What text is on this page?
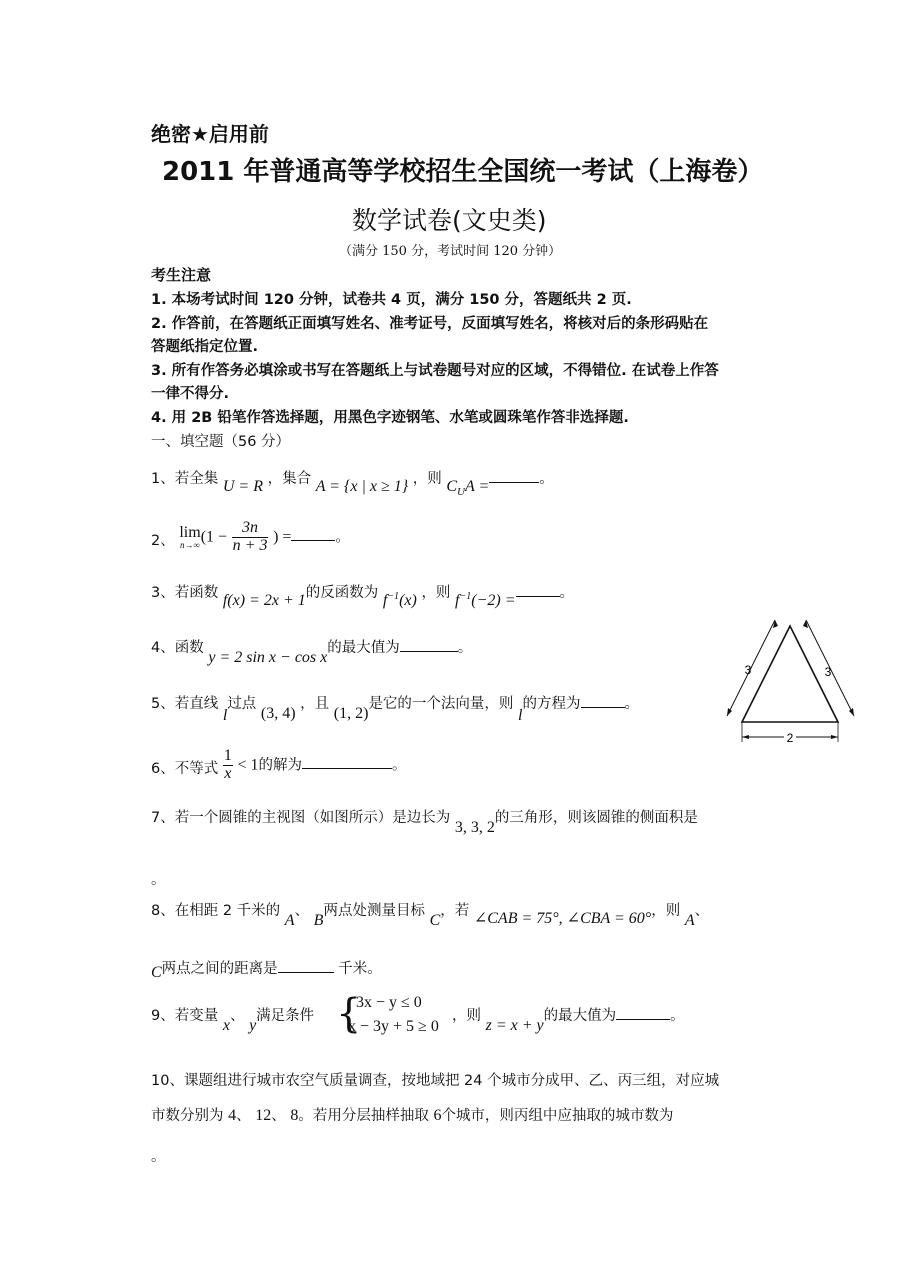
绝密★启用前
2011 年普通高等学校招生全国统一考试（上海卷）
数学试卷(文史类)
（满分 150 分，考试时间 120 分钟）
考生注意
1. 本场考试时间 120 分钟，试卷共 4 页，满分 150 分，答题纸共 2 页.
2. 作答前，在答题纸正面填写姓名、准考证号，反面填写姓名，将核对后的条形码贴在
答题纸指定位置.
3. 所有作答务必填涂或书写在答题纸上与试卷题号对应的区域，不得错位. 在试卷上作答
一律不得分.
4. 用 2B 铅笔作答选择题，用黑色字迹钢笔、水笔或圆珠笔作答非选择题.
一、填空题（56 分）
1、若全集 U = R ，集合 A = {x | x ≥ 1} ，则 $C_UA$ =	。
2、
lim
n→∞ ($1 - \frac{3n}{n + 3}$ ) =	。
3、若函数 f(x) = 2x + 1的反函数为 $f^{-1}(x)$ ，则 $f^{-1}(-2)$ =	。
4、函数 y = 2 sin x − cos x的最大值为	。
5、若直线 l过点 (3, 4) ，且 (1, 2)是它的一个法向量，则 l的方程为	。
6、不等式 $\frac{1}{x} < 1$的解为	。
7、若一个圆锥的主视图（如图所示）是边长为 3, 3, 2的三角形，则该圆锥的侧面积是
。
8、在相距 2 千米的 A、 B两点处测量目标 C，若 ∠CAB = 75°, ∠CBA = 60°，则 A、
C两点之间的距离是	千米。
9、若变量 x、 y满足条件 {
3x − y ≤ 0
x − 3y + 5 ≥ 0
，则 z = x + y的最大值为	。
10、课题组进行城市农空气质量调查，按地域把 24 个城市分成甲、乙、丙三组，对应城
市数分别为 4、 12、 8。若用分层抽样抽取 6个城市，则丙组中应抽取的城市数为
。
2
3	3
